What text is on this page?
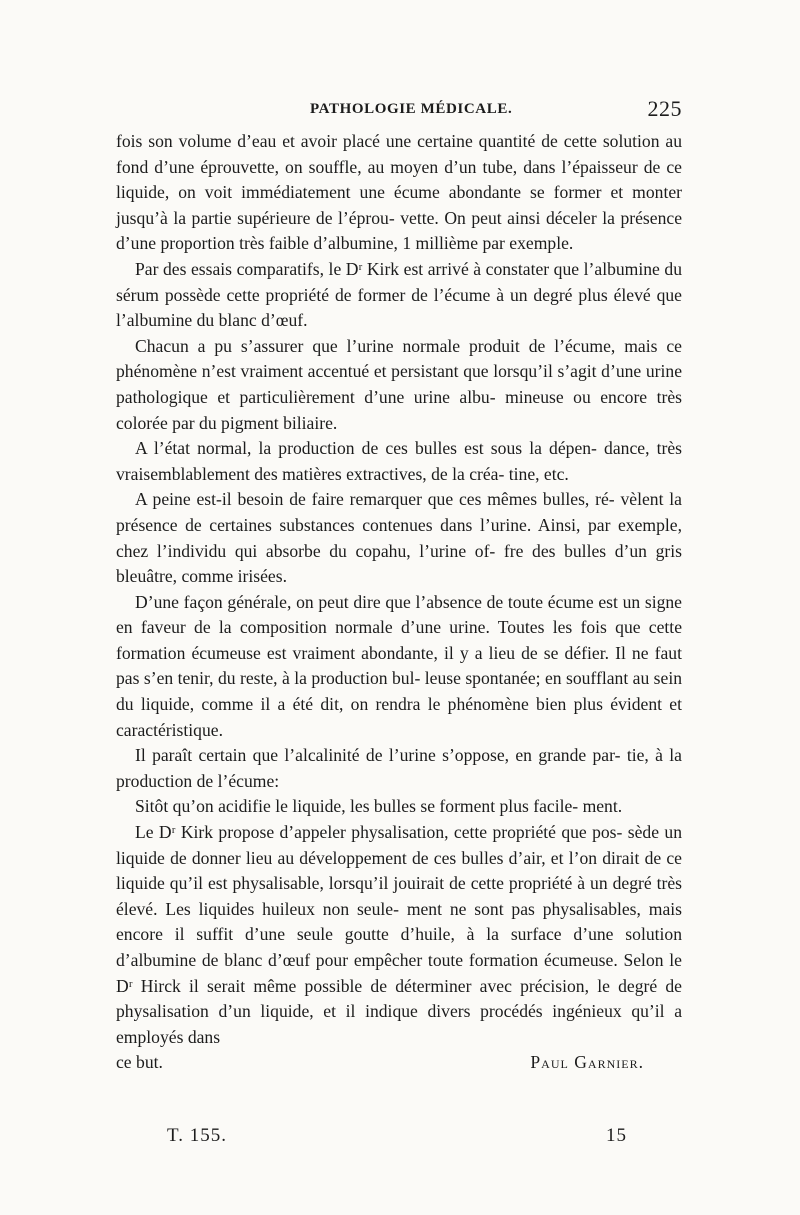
PATHOLOGIE MÉDICALE.	225

fois son volume d’eau et avoir placé une certaine quantité de cette solution au fond d’une éprouvette, on souffle, au moyen d’un tube, dans l’épaisseur de ce liquide, on voit immédiatement une écume abondante se former et monter jusqu’à la partie supérieure de l’éprou- vette. On peut ainsi déceler la présence d’une proportion très faible d’albumine, 1 millième par exemple.

Par des essais comparatifs, le Dʳ Kirk est arrivé à constater que l’albumine du sérum possède cette propriété de former de l’écume à un degré plus élevé que l’albumine du blanc d’œuf.

Chacun a pu s’assurer que l’urine normale produit de l’écume, mais ce phénomène n’est vraiment accentué et persistant que lorsqu’il s’agit d’une urine pathologique et particulièrement d’une urine albu- mineuse ou encore très colorée par du pigment biliaire.

A l’état normal, la production de ces bulles est sous la dépen- dance, très vraisemblablement des matières extractives, de la créa- tine, etc.

A peine est-il besoin de faire remarquer que ces mêmes bulles, ré- vèlent la présence de certaines substances contenues dans l’urine. Ainsi, par exemple, chez l’individu qui absorbe du copahu, l’urine of- fre des bulles d’un gris bleuâtre, comme irisées.

D’une façon générale, on peut dire que l’absence de toute écume est un signe en faveur de la composition normale d’une urine. Toutes les fois que cette formation écumeuse est vraiment abondante, il y a lieu de se défier. Il ne faut pas s’en tenir, du reste, à la production bul- leuse spontanée; en soufflant au sein du liquide, comme il a été dit, on rendra le phénomène bien plus évident et caractéristique.

Il paraît certain que l’alcalinité de l’urine s’oppose, en grande par- tie, à la production de l’écume:

Sitôt qu’on acidifie le liquide, les bulles se forment plus facile- ment.

Le Dʳ Kirk propose d’appeler physalisation, cette propriété que pos- sède un liquide de donner lieu au développement de ces bulles d’air, et l’on dirait de ce liquide qu’il est physalisable, lorsqu’il jouirait de cette propriété à un degré très élevé. Les liquides huileux non seule- ment ne sont pas physalisables, mais encore il suffit d’une seule goutte d’huile, à la surface d’une solution d’albumine de blanc d’œuf pour empêcher toute formation écumeuse. Selon le Dʳ Hirck il serait même possible de déterminer avec précision, le degré de physalisation d’un liquide, et il indique divers procédés ingénieux qu’il a employés dans

ce but.	Paul Garnier.
T. 155.	15
